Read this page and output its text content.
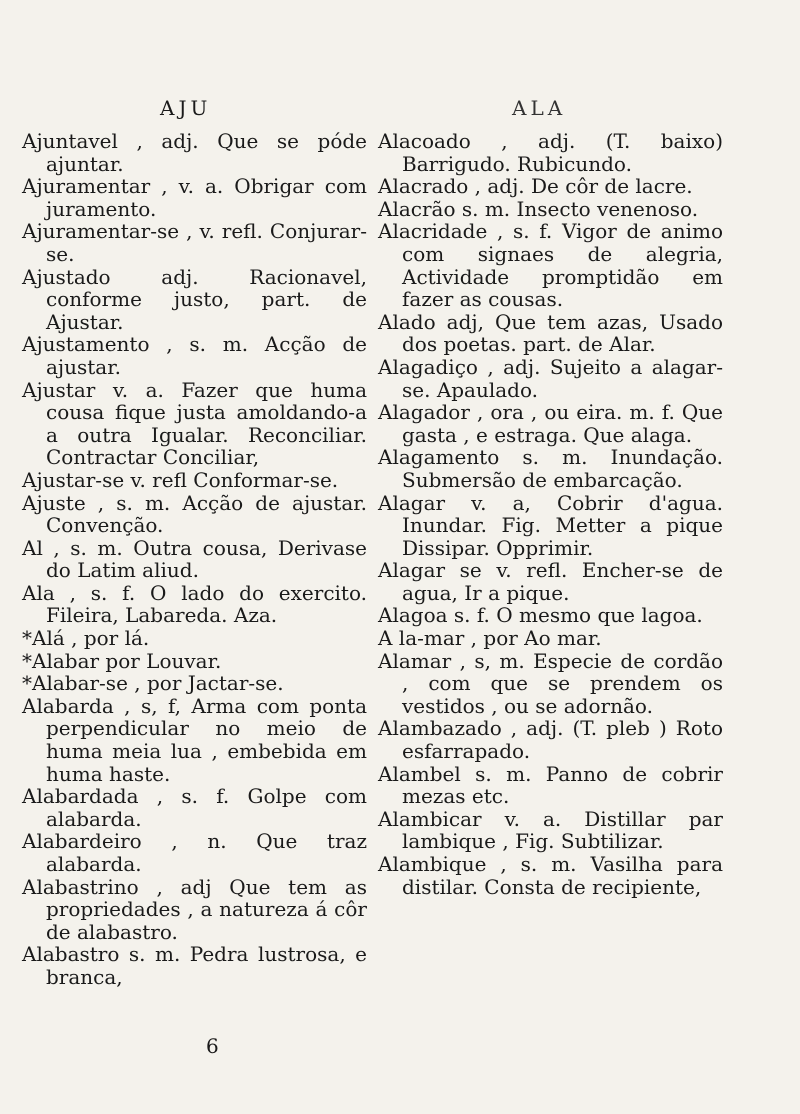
AJU	ALA

Ajuntavel , adj. Que se póde ajuntar.

Ajuramentar , v. a. Obrigar com juramento.

Ajuramentar-se , v. refl. Conjurar-se.

Ajustado adj. Racionavel, conforme justo, part. de Ajustar.

Ajustamento , s. m. Acção de ajustar.

Ajustar v. a. Fazer que huma cousa fique justa amoldando-a a outra Igualar. Reconciliar. Contractar Conciliar,

Ajustar-se v. refl Conformar-se.

Ajuste , s. m. Acção de ajustar. Convenção.

Al , s. m. Outra cousa, Derivase do Latim aliud.

Ala , s. f. O lado do exercito. Fileira, Labareda. Aza.

*Alá , por lá.

*Alabar por Louvar.

*Alabar-se , por Jactar-se.

Alabarda , s, f, Arma com ponta perpendicular no meio de huma meia lua , embebida em huma haste.

Alabardada , s. f. Golpe com alabarda.

Alabardeiro , n. Que traz alabarda.

Alabastrino , adj Que tem as propriedades , a natureza á côr de alabastro.

Alabastro s. m. Pedra lustrosa, e branca,

Alacoado , adj. (T. baixo) Barrigudo. Rubicundo.

Alacrado , adj. De côr de lacre.

Alacrão s. m. Insecto venenoso.

Alacridade , s. f. Vigor de animo com signaes de alegria, Actividade promptidão em fazer as cousas.

Alado adj, Que tem azas, Usado dos poetas. part. de Alar.

Alagadiço , adj. Sujeito a alagar-se. Apaulado.

Alagador , ora , ou eira. m. f. Que gasta , e estraga. Que alaga.

Alagamento s. m. Inundação. Submersão de embarcação.

Alagar v. a, Cobrir d'agua. Inundar. Fig. Metter a pique Dissipar. Opprimir.

Alagar se v. refl. Encher-se de agua, Ir a pique.

Alagoa s. f. O mesmo que lagoa.

A la-mar , por Ao mar.

Alamar , s, m. Especie de cordão , com que se prendem os vestidos , ou se adornão.

Alambazado , adj. (T. pleb ) Roto esfarrapado.

Alambel s. m. Panno de cobrir mezas etc.

Alambicar v. a. Distillar par lambique , Fig. Subtilizar.

Alambique , s. m. Vasilha para distilar. Consta de recipiente,

6
